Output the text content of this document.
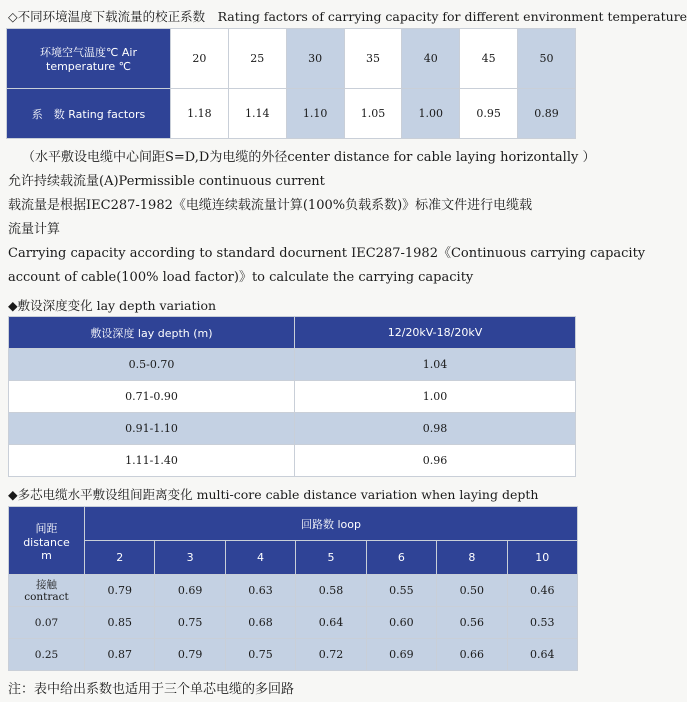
◇不同环境温度下载流量的校正系数　Rating factors of carrying capacity for different environment temperature
环境空气温度℃ Air temperature ℃	20	25	30	35	40	45	50
系　数 Rating factors	1.18	1.14	1.10	1.05	1.00	0.95	0.89
（水平敷设电缆中心间距S=D,D为电缆的外径center distance for cable laying horizontally ）
允许持续载流量(A)Permissible continuous current
载流量是根据IEC287-1982《电缆连续载流量计算(100%负载系数)》标准文件进行电缆载
流量计算
Carrying capacity according to standard docurnent IEC287-1982《Continuous carrying capacity
account of cable(100% load factor)》to calculate the carrying capacity
◆敷设深度变化 lay depth variation
敷设深度 lay depth (m)	12/20kV-18/20kV
0.5-0.70	1.04
0.71-0.90	1.00
0.91-1.10	0.98
1.11-1.40	0.96
◆多芯电缆水平敷设组间距离变化 multi-core cable distance variation when laying depth
间距
distance
m	回路数 loop						
	2	3	4	5	6	8	10

接触
contract	0.79	0.69	0.63	0.58	0.55	0.50	0.46
0.07	0.85	0.75	0.68	0.64	0.60	0.56	0.53
0.25	0.87	0.79	0.75	0.72	0.69	0.66	0.64
注：表中给出系数也适用于三个单芯电缆的多回路
